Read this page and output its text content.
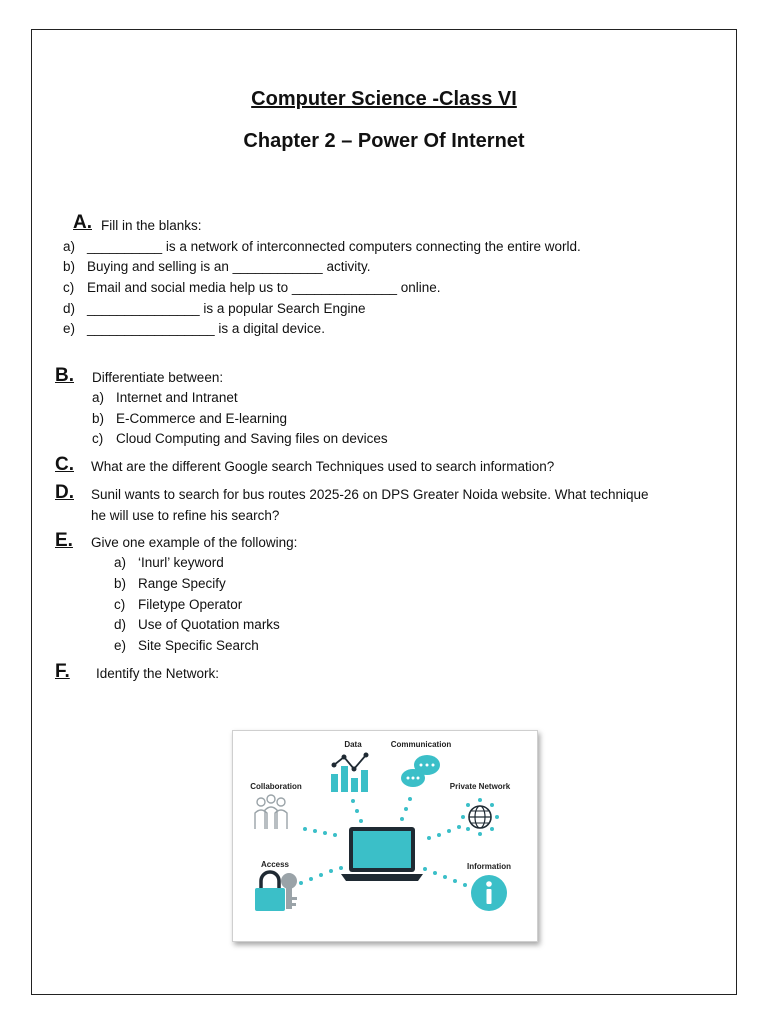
Computer Science -Class VI
Chapter 2 – Power Of Internet
A. Fill in the blanks:
a) __________ is a network of interconnected computers connecting the entire world.
b) Buying and selling is an ____________ activity.
c) Email and social media help us to ______________ online.
d) _______________ is a popular Search Engine
e) _________________ is a digital device.
B. Differentiate between:
a) Internet and Intranet
b) E-Commerce and E-learning
c) Cloud Computing and Saving files on devices
C. What are the different Google search Techniques used to search information?
D. Sunil wants to search for bus routes 2025-26 on DPS Greater Noida website. What technique
he will use to refine his search?
E. Give one example of the following:
a) ‘Inurl’ keyword
b) Range Specify
c) Filetype Operator
d) Use of Quotation marks
e) Site Specific Search
F. Identify the Network:
Data	Communication
Collaboration	Private Network
Access	Information
